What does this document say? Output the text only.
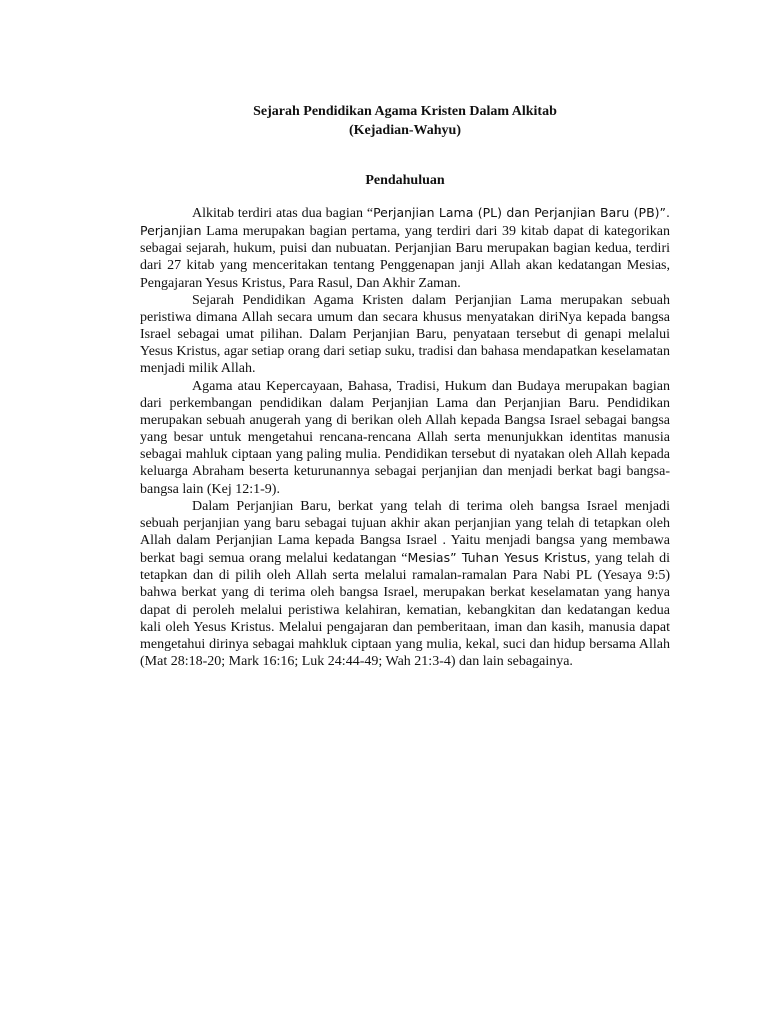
Sejarah Pendidikan Agama Kristen Dalam Alkitab
(Kejadian-Wahyu)
Pendahuluan

Alkitab terdiri atas dua bagian “Perjanjian Lama (PL) dan Perjanjian Baru (PB)”. Perjanjian Lama merupakan bagian pertama, yang terdiri dari 39 kitab dapat di kategorikan sebagai sejarah, hukum, puisi dan nubuatan. Perjanjian Baru merupakan bagian kedua, terdiri dari 27 kitab yang menceritakan tentang Penggenapan janji Allah akan kedatangan Mesias, Pengajaran Yesus Kristus, Para Rasul, Dan Akhir Zaman.

Sejarah Pendidikan Agama Kristen dalam Perjanjian Lama merupakan sebuah peristiwa dimana Allah secara umum dan secara khusus menyatakan diriNya kepada bangsa Israel sebagai umat pilihan. Dalam Perjanjian Baru, penyataan tersebut di genapi melalui Yesus Kristus, agar setiap orang dari setiap suku, tradisi dan bahasa mendapatkan keselamatan menjadi milik Allah.

Agama atau Kepercayaan, Bahasa, Tradisi, Hukum dan Budaya merupakan bagian dari perkembangan pendidikan dalam Perjanjian Lama dan Perjanjian Baru. Pendidikan merupakan sebuah anugerah yang di berikan oleh Allah kepada Bangsa Israel sebagai bangsa yang besar untuk mengetahui rencana-rencana Allah serta menunjukkan identitas manusia sebagai mahluk ciptaan yang paling mulia. Pendidikan tersebut di nyatakan oleh Allah kepada keluarga Abraham beserta keturunannya sebagai perjanjian dan menjadi berkat bagi bangsa-bangsa lain (Kej 12:1-9).

Dalam Perjanjian Baru, berkat yang telah di terima oleh bangsa Israel menjadi sebuah perjanjian yang baru sebagai tujuan akhir akan perjanjian yang telah di tetapkan oleh Allah dalam Perjanjian Lama kepada Bangsa Israel . Yaitu menjadi bangsa yang membawa berkat bagi semua orang melalui kedatangan “Mesias” Tuhan Yesus Kristus, yang telah di tetapkan dan di pilih oleh Allah serta melalui ramalan-ramalan Para Nabi PL (Yesaya 9:5) bahwa berkat yang di terima oleh bangsa Israel, merupakan berkat keselamatan yang hanya dapat di peroleh melalui peristiwa kelahiran, kematian, kebangkitan dan kedatangan kedua kali oleh Yesus Kristus. Melalui pengajaran dan pemberitaan, iman dan kasih, manusia dapat mengetahui dirinya sebagai mahkluk ciptaan yang mulia, kekal, suci dan hidup bersama Allah (Mat 28:18-20; Mark 16:16; Luk 24:44-49; Wah 21:3-4) dan lain sebagainya.
